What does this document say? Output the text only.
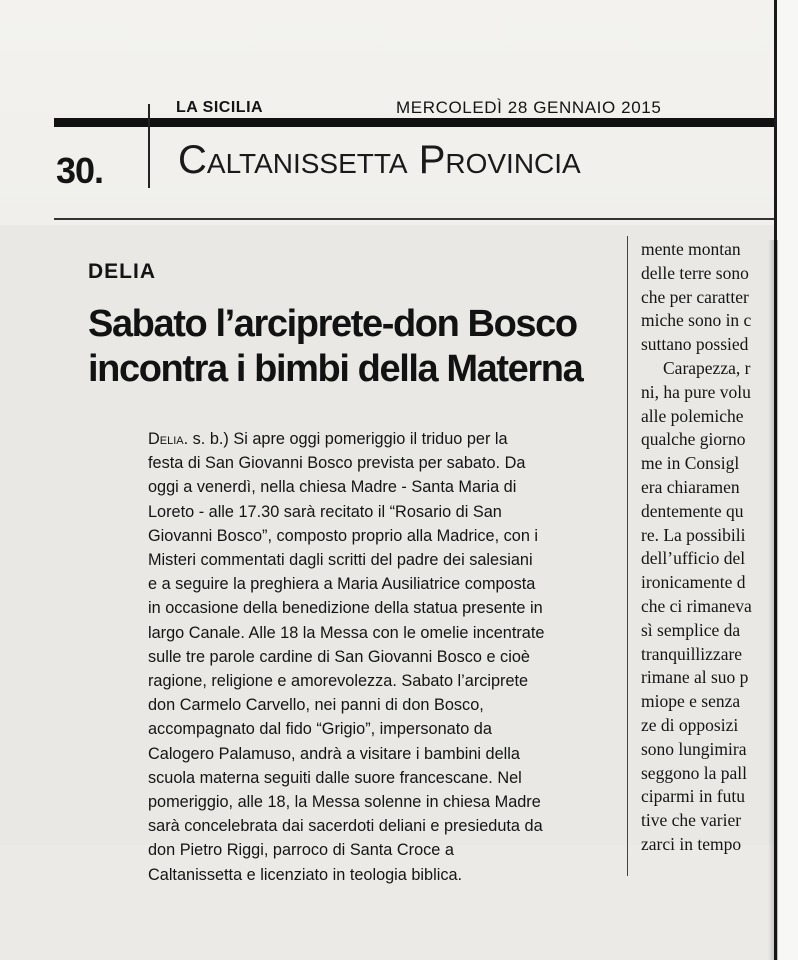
LA SICILIA	MERCOLEDÌ 28 GENNAIO 2015
30. Caltanissetta Provincia
DELIA
Sabato l’arciprete-don Bosco
incontra i bimbi della Materna
Delia. s. b.) Si apre oggi pomeriggio il triduo per la
festa di San Giovanni Bosco prevista per sabato. Da
oggi a venerdì, nella chiesa Madre - Santa Maria di
Loreto - alle 17.30 sarà recitato il “Rosario di San
Giovanni Bosco”, composto proprio alla Madrice, con i
Misteri commentati dagli scritti del padre dei salesiani
e a seguire la preghiera a Maria Ausiliatrice composta
in occasione della benedizione della statua presente in
largo Canale. Alle 18 la Messa con le omelie incentrate
sulle tre parole cardine di San Giovanni Bosco e cioè
ragione, religione e amorevolezza. Sabato l’arciprete
don Carmelo Carvello, nei panni di don Bosco,
accompagnato dal fido “Grigio”, impersonato da
Calogero Palamuso, andrà a visitare i bambini della
scuola materna seguiti dalle suore francescane. Nel
pomeriggio, alle 18, la Messa solenne in chiesa Madre
sarà concelebrata dai sacerdoti deliani e presieduta da
don Pietro Riggi, parroco di Santa Croce a
Caltanissetta e licenziato in teologia biblica.
mente montan
delle terre sono
che per caratter
miche sono in c
suttano possied
Carapezza, r
ni, ha pure volu
alle polemiche
qualche giorno
me in Consigl
era chiaramen
dentemente qu
re. La possibili
dell’ufficio del
ironicamente d
che ci rimaneva
sì semplice da
tranquillizzare
rimane al suo p
miope e senza
ze di opposizi
sono lungimira
seggono la pall
ciparmi in futu
tive che varier
zarci in tempo
